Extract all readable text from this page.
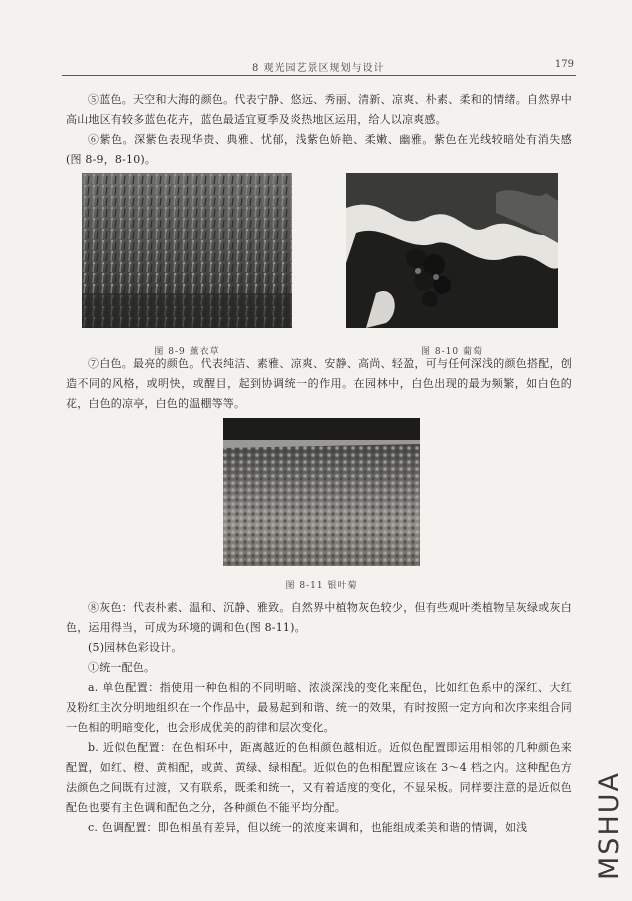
8 观光园艺景区规划与设计	179

⑤蓝色。天空和大海的颜色。代表宁静、悠远、秀丽、清新、凉爽、朴素、柔和的情绪。自然界中高山地区有较多蓝色花卉，蓝色最适宜夏季及炎热地区运用，给人以凉爽感。

⑥紫色。深紫色表现华贵、典雅、忧郁，浅紫色娇艳、柔嫩、幽雅。紫色在光线较暗处有消失感(图 8-9，8-10)。

图 8-9 薰衣草	图 8-10 葡萄

⑦白色。最亮的颜色。代表纯洁、素雅、凉爽、安静、高尚、轻盈，可与任何深浅的颜色搭配，创造不同的风格，或明快，或醒目，起到协调统一的作用。在园林中，白色出现的最为频繁，如白色的花，白色的凉亭，白色的温棚等等。

图 8-11 银叶菊

⑧灰色：代表朴素、温和、沉静、雅致。自然界中植物灰色较少，但有些观叶类植物呈灰绿或灰白色，运用得当，可成为环境的调和色(图 8-11)。

(5)园林色彩设计。

①统一配色。

a. 单色配置：指使用一种色相的不同明暗、浓淡深浅的变化来配色，比如红色系中的深红、大红及粉红主次分明地组织在一个作品中，最易起到和谐、统一的效果，有时按照一定方向和次序来组合同一色相的明暗变化，也会形成优美的韵律和层次变化。

b. 近似色配置：在色相环中，距离越近的色相颜色越相近。近似色配置即运用相邻的几种颜色来配置，如红、橙、黄相配，或黄、黄绿、绿相配。近似色的色相配置应该在 3～4 档之内。这种配色方法颜色之间既有过渡，又有联系，既柔和统一，又有着适度的变化，不显呆板。同样要注意的是近似色配色也要有主色调和配色之分，各种颜色不能平均分配。

c. 色调配置：即色相虽有差异，但以统一的浓度来调和，也能组成柔美和谐的情调，如浅	MSHUA
